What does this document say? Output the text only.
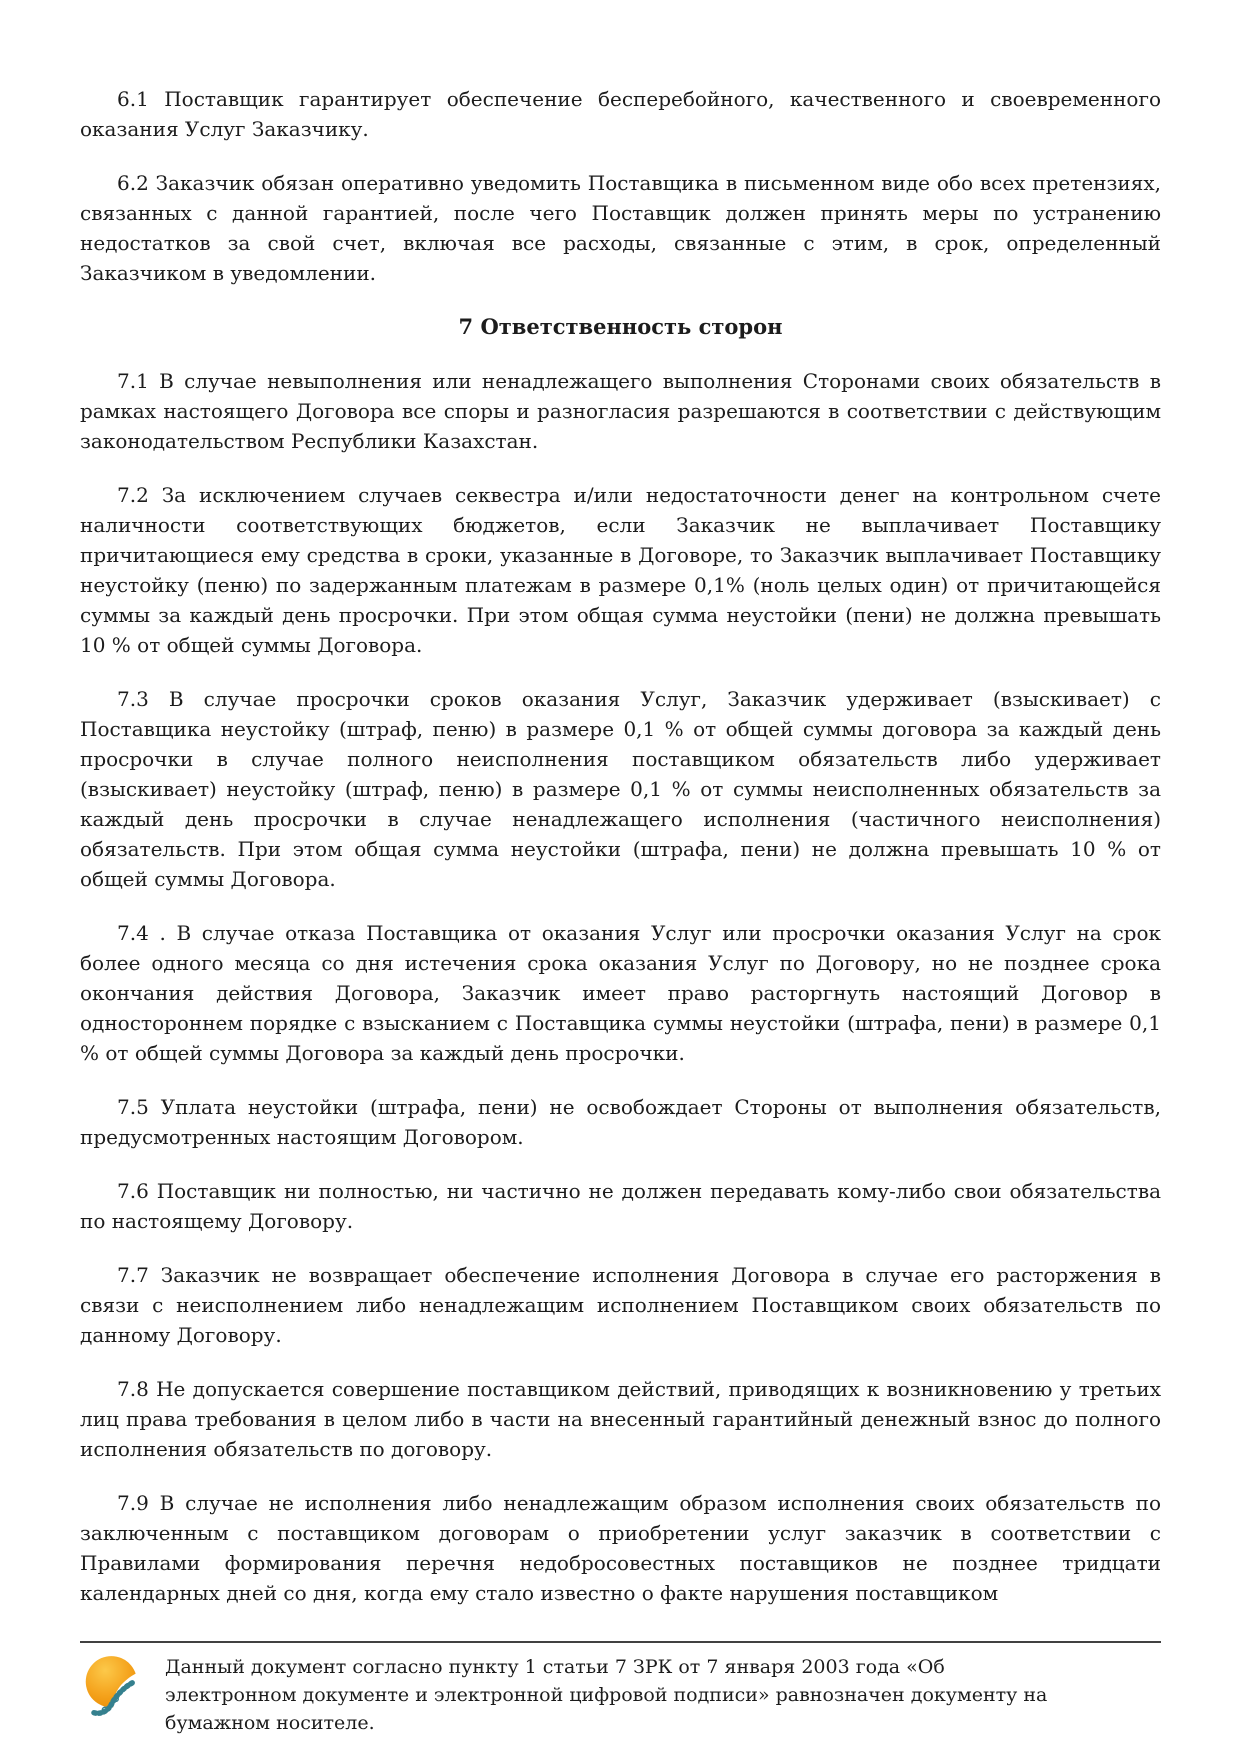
6.1 Поставщик гарантирует обеспечение бесперебойного, качественного и своевременного оказания Услуг Заказчику.

6.2 Заказчик обязан оперативно уведомить Поставщика в письменном виде обо всех претензиях, связанных с данной гарантией, после чего Поставщик должен принять меры по устранению недостатков за свой счет, включая все расходы, связанные с этим, в срок, определенный Заказчиком в уведомлении.

7 Ответственность сторон

7.1 В случае невыполнения или ненадлежащего выполнения Сторонами своих обязательств в рамках настоящего Договора все споры и разногласия разрешаются в соответствии с действующим законодательством Республики Казахстан.

7.2 За исключением случаев секвестра и/или недостаточности денег на контрольном счете наличности соответствующих бюджетов, если Заказчик не выплачивает Поставщику причитающиеся ему средства в сроки, указанные в Договоре, то Заказчик выплачивает Поставщику неустойку (пеню) по задержанным платежам в размере 0,1% (ноль целых один) от причитающейся суммы за каждый день просрочки. При этом общая сумма неустойки (пени) не должна превышать 10 % от общей суммы Договора.

7.3 В случае просрочки сроков оказания Услуг, Заказчик удерживает (взыскивает) с Поставщика неустойку (штраф, пеню) в размере 0,1 % от общей суммы договора за каждый день просрочки в случае полного неисполнения поставщиком обязательств либо удерживает (взыскивает) неустойку (штраф, пеню) в размере 0,1 % от суммы неисполненных обязательств за каждый день просрочки в случае ненадлежащего исполнения (частичного неисполнения) обязательств. При этом общая сумма неустойки (штрафа, пени) не должна превышать 10 % от общей суммы Договора.

7.4 . В случае отказа Поставщика от оказания Услуг или просрочки оказания Услуг на срок более одного месяца со дня истечения срока оказания Услуг по Договору, но не позднее срока окончания действия Договора, Заказчик имеет право расторгнуть настоящий Договор в одностороннем порядке с взысканием с Поставщика суммы неустойки (штрафа, пени) в размере 0,1 % от общей суммы Договора за каждый день просрочки.

7.5 Уплата неустойки (штрафа, пени) не освобождает Стороны от выполнения обязательств, предусмотренных настоящим Договором.

7.6 Поставщик ни полностью, ни частично не должен передавать кому-либо свои обязательства по настоящему Договору.

7.7 Заказчик не возвращает обеспечение исполнения Договора в случае его расторжения в связи с неисполнением либо ненадлежащим исполнением Поставщиком своих обязательств по данному Договору.

7.8 Не допускается совершение поставщиком действий, приводящих к возникновению у третьих лиц права требования в целом либо в части на внесенный гарантийный денежный взнос до полного исполнения обязательств по договору.

7.9 В случае не исполнения либо ненадлежащим образом исполнения своих обязательств по заключенным с поставщиком договорам о приобретении услуг заказчик в соответствии с Правилами формирования перечня недобросовестных поставщиков не позднее тридцати календарных дней со дня, когда ему стало известно о факте нарушения поставщиком

Данный документ согласно пункту 1 статьи 7 ЗРК от 7 января 2003 года «Об электронном документе и электронной цифровой подписи» равнозначен документу на бумажном носителе.
